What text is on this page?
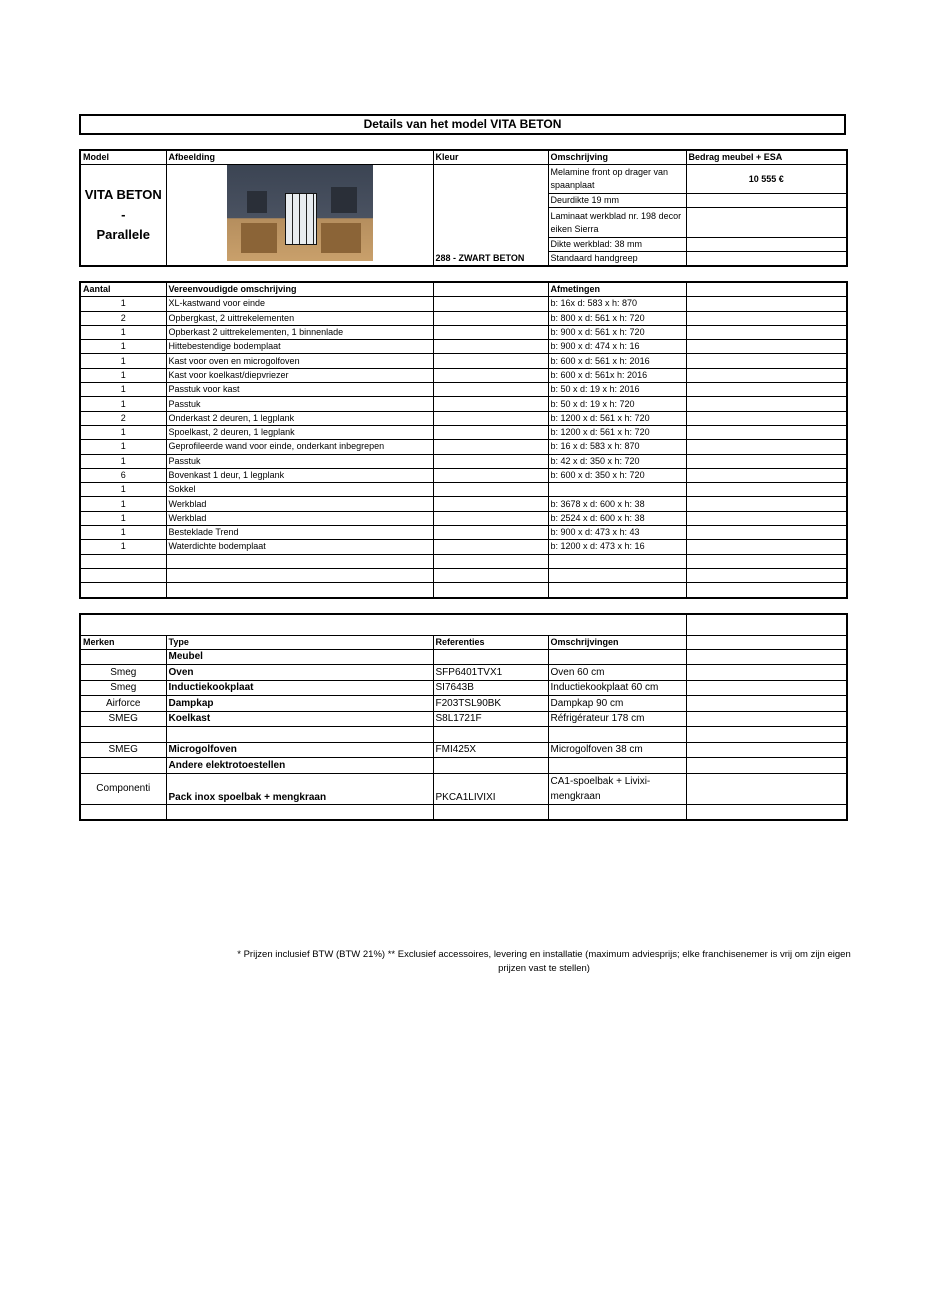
Details van het model VITA BETON
Model	Afbeelding	Kleur	Omschrijving	Bedrag meubel + ESA

VITA BETON
-
Parallele		288 - ZWART BETON	Melamine front op drager van spaanplaat	10 555 €
			Deurdikte 19 mm	
			Laminaat werkblad nr. 198 decor eiken Sierra	
			Dikte werkblad: 38 mm	
			Standaard handgreep	
Aantal	Vereenvoudigde omschrijving		Afmetingen	
1	XL-kastwand voor einde		b: 16x d: 583 x h: 870	
2	Opbergkast, 2 uittrekelementen		b: 800 x d: 561 x h: 720	
1	Opberkast 2 uittrekelementen, 1 binnenlade		b: 900 x d: 561 x h: 720	
1	Hittebestendige bodemplaat		b: 900 x d: 474 x h: 16	
1	Kast voor oven en microgolfoven		b: 600 x d: 561 x h: 2016	
1	Kast voor koelkast/diepvriezer		b: 600 x d: 561x h: 2016	
1	Passtuk voor kast		b: 50 x d: 19 x h: 2016	
1	Passtuk		b: 50 x d: 19 x h: 720	
2	Onderkast 2 deuren, 1 legplank		b: 1200 x d: 561 x h: 720	
1	Spoelkast, 2 deuren, 1 legplank		b: 1200 x d: 561 x h: 720	
1	Geprofileerde wand voor einde, onderkant inbegrepen		b: 16 x d: 583 x h: 870	
1	Passtuk		b: 42 x d: 350 x h: 720	
6	Bovenkast 1 deur, 1 legplank		b: 600 x d: 350 x h: 720	
1	Sokkel			
1	Werkblad		b: 3678 x d: 600 x h: 38	
1	Werkblad		b: 2524 x d: 600 x h: 38	
1	Besteklade Trend		b: 900 x d: 473 x h: 43	
1	Waterdichte bodemplaat		b: 1200 x d: 473 x h: 16	

Merken	Type	Referenties	Omschrijvingen	
	Meubel			
Smeg	Oven	SFP6401TVX1	Oven 60 cm	
Smeg	Inductiekookplaat	SI7643B	Inductiekookplaat 60 cm	
Airforce	Dampkap	F203TSL90BK	Dampkap 90 cm	
SMEG	Koelkast	S8L1721F	Réfrigérateur 178 cm	

SMEG	Microgolfoven	FMI425X	Microgolfoven 38 cm	
	Andere elektrotoestellen			
Componenti	Pack inox spoelbak + mengkraan	PKCA1LIVIXI	CA1-spoelbak + Livixi-mengkraan	

* Prijzen inclusief BTW (BTW 21%) ** Exclusief accessoires, levering en installatie (maximum adviesprijs; elke franchisenemer is vrij om zijn eigen
prijzen vast te stellen)
